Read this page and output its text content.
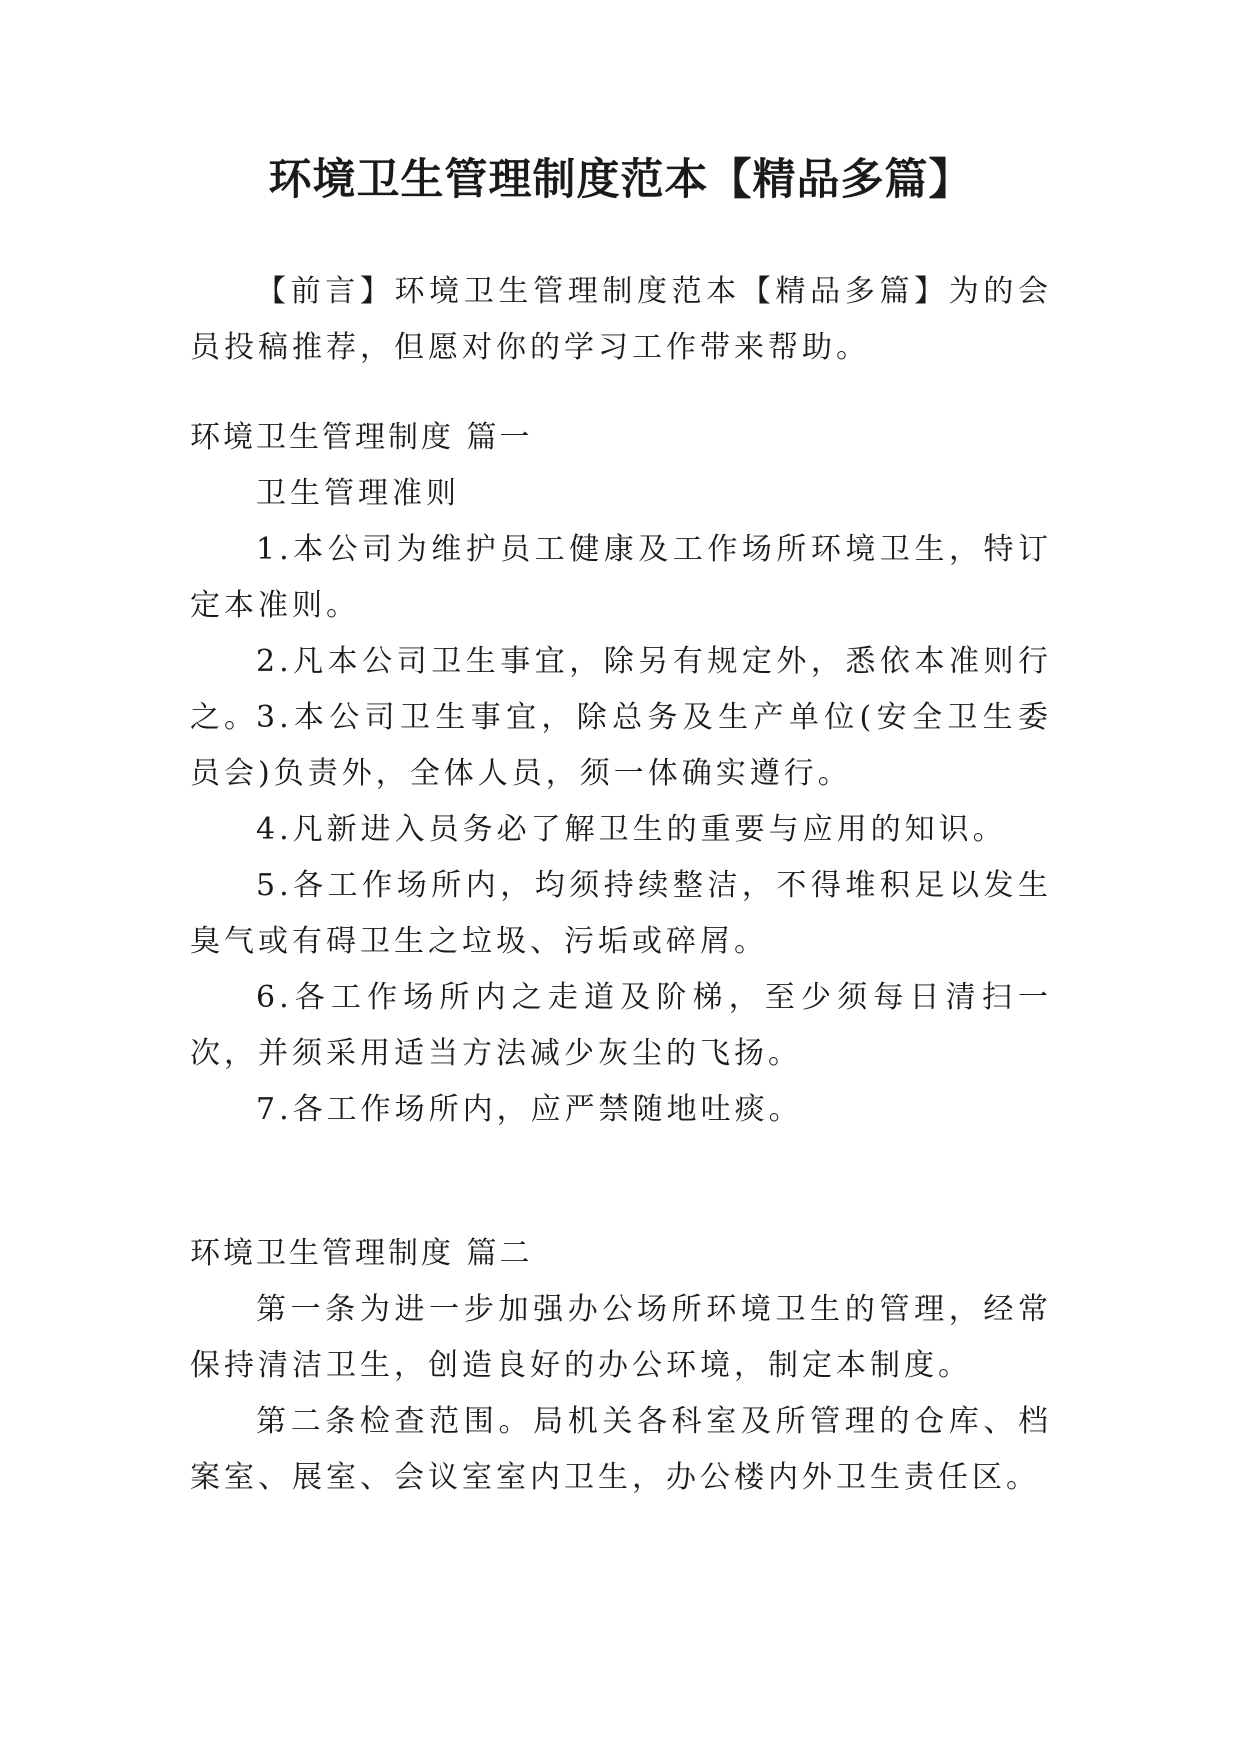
环境卫生管理制度范本【精品多篇】

【前言】环境卫生管理制度范本【精品多篇】为的会员投稿推荐，但愿对你的学习工作带来帮助。

环境卫生管理制度 篇一

卫生管理准则

1.本公司为维护员工健康及工作场所环境卫生，特订定本准则。

2.凡本公司卫生事宜，除另有规定外，悉依本准则行之。

3.本公司卫生事宜，除总务及生产单位(安全卫生委员会)负责外，全体人员，须一体确实遵行。

4.凡新进入员务必了解卫生的重要与应用的知识。

5.各工作场所内，均须持续整洁，不得堆积足以发生臭气或有碍卫生之垃圾、污垢或碎屑。

6.各工作场所内之走道及阶梯，至少须每日清扫一次，并须采用适当方法减少灰尘的飞扬。

7.各工作场所内，应严禁随地吐痰。

环境卫生管理制度 篇二

第一条为进一步加强办公场所环境卫生的管理，经常保持清洁卫生，创造良好的办公环境，制定本制度。

第二条检查范围。局机关各科室及所管理的仓库、档案室、展室、会议室室内卫生，办公楼内外卫生责任区。
